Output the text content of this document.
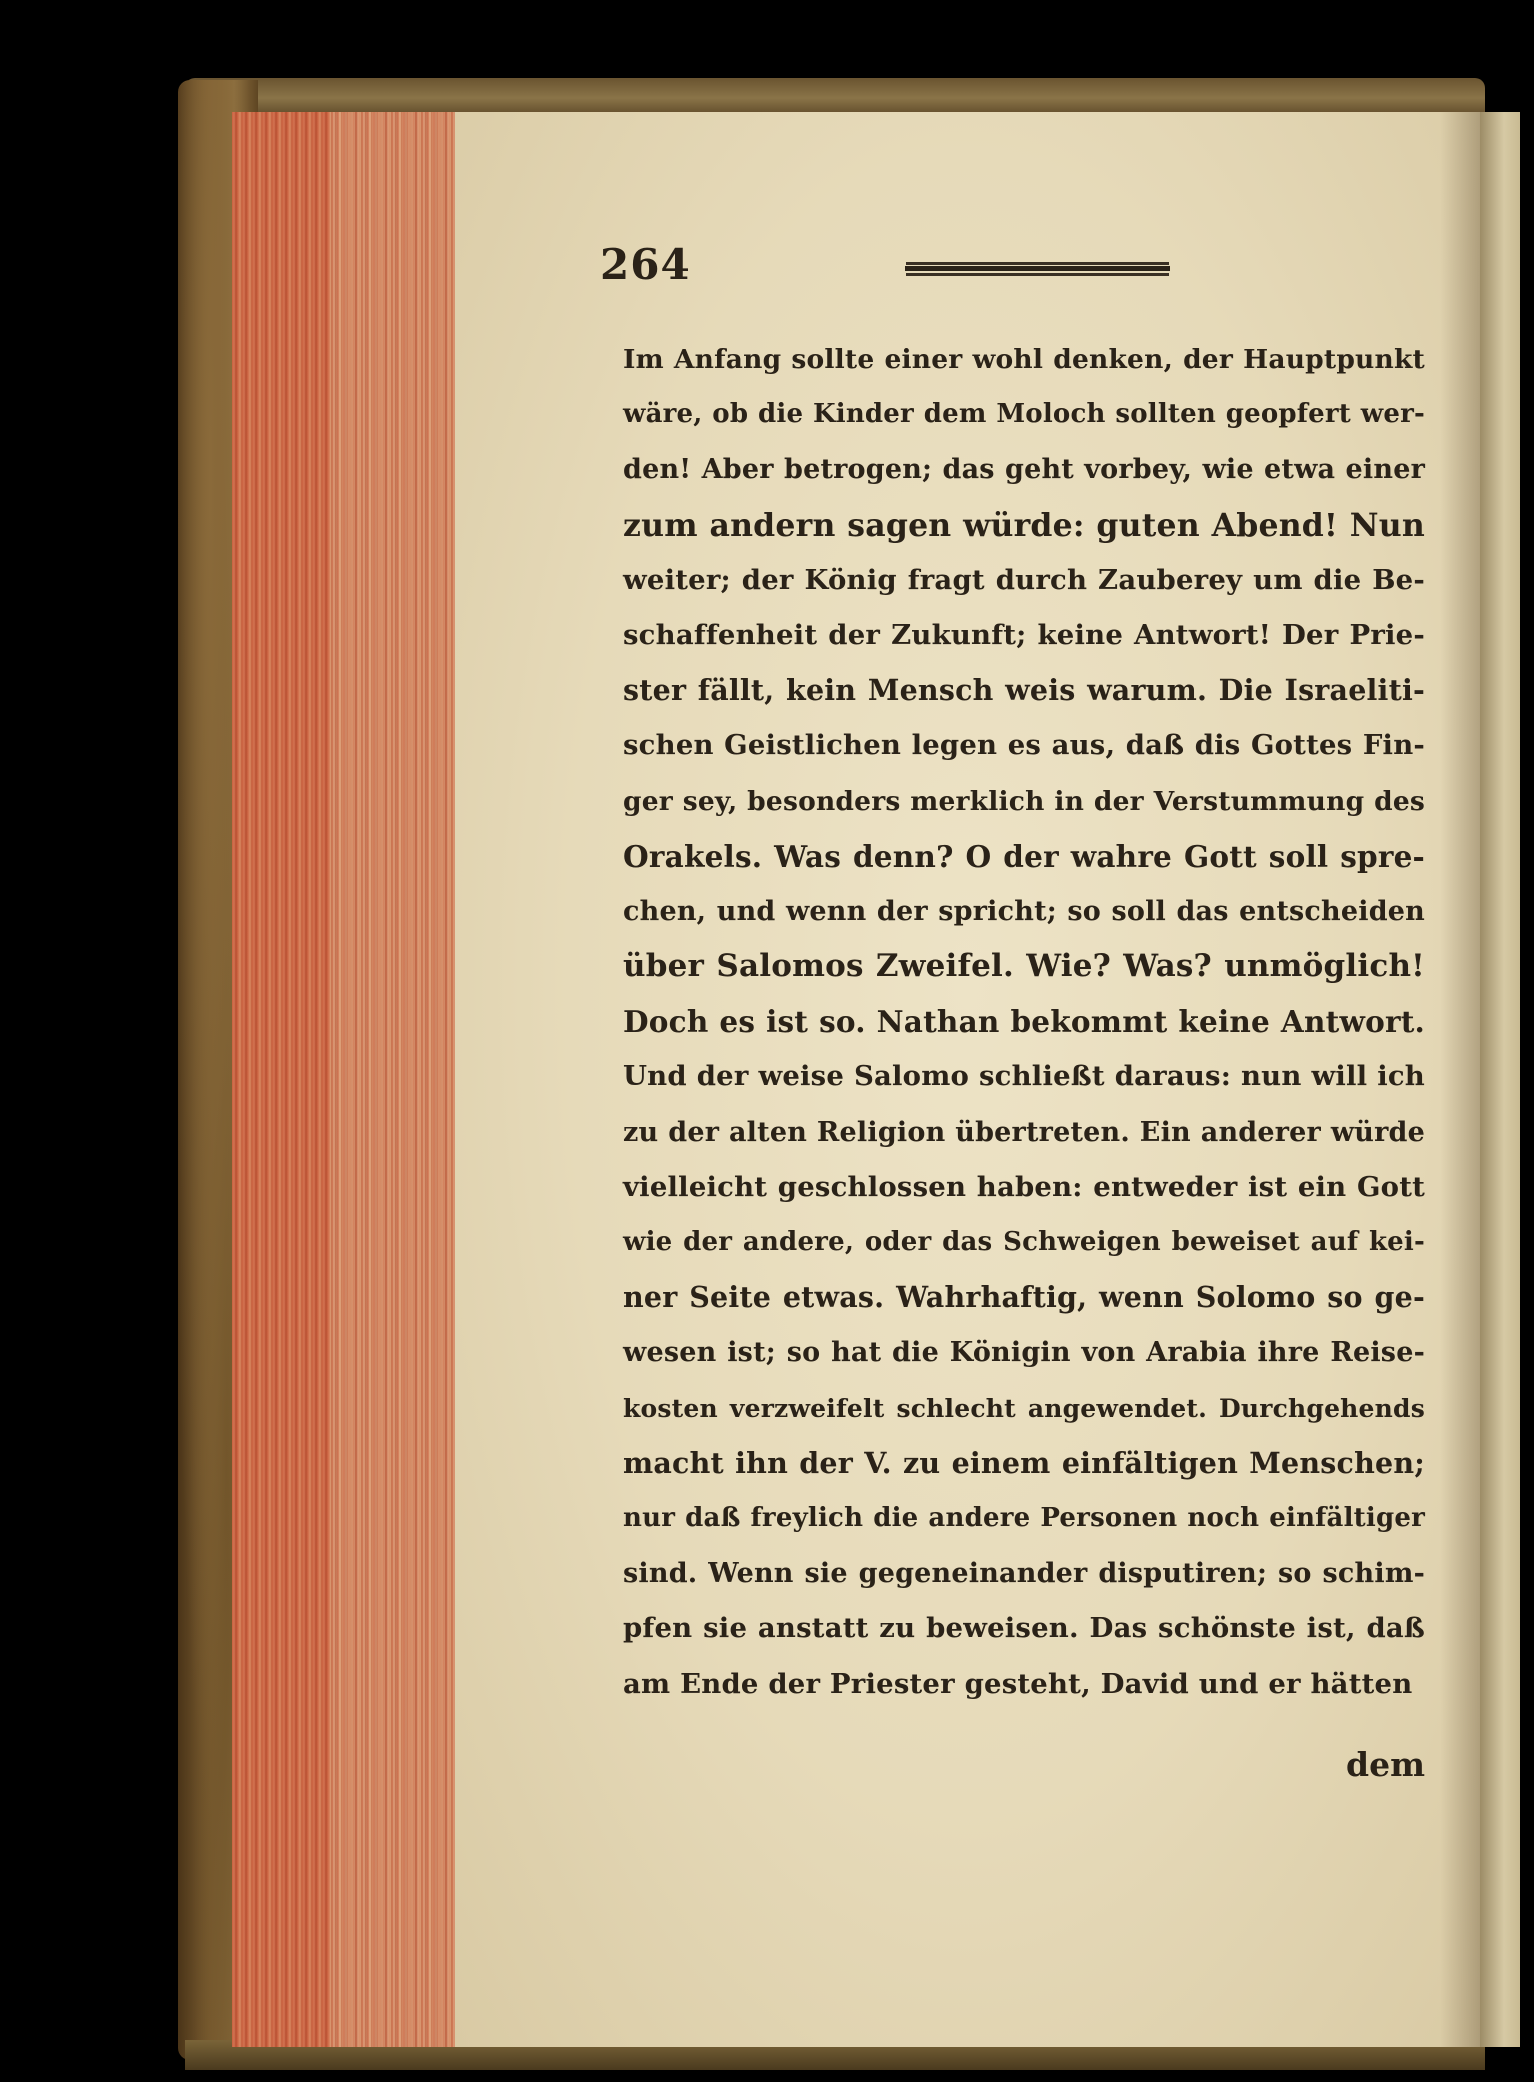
264
Im Anfang sollte einer wohl denken, der Hauptpunkt
wäre, ob die Kinder dem Moloch sollten geopfert wer-
den! Aber betrogen; das geht vorbey, wie etwa einer
zum andern sagen würde: guten Abend! Nun
weiter; der König fragt durch Zauberey um die Be-
schaffenheit der Zukunft; keine Antwort! Der Prie-
ster fällt, kein Mensch weis warum. Die Israeliti-
schen Geistlichen legen es aus, daß dis Gottes Fin-
ger sey, besonders merklich in der Verstummung des
Orakels. Was denn? O der wahre Gott soll spre-
chen, und wenn der spricht; so soll das entscheiden
über Salomos Zweifel. Wie? Was? unmöglich!
Doch es ist so. Nathan bekommt keine Antwort.
Und der weise Salomo schließt daraus: nun will ich
zu der alten Religion übertreten. Ein anderer würde
vielleicht geschlossen haben: entweder ist ein Gott
wie der andere, oder das Schweigen beweiset auf kei-
ner Seite etwas. Wahrhaftig, wenn Solomo so ge-
wesen ist; so hat die Königin von Arabia ihre Reise-
kosten verzweifelt schlecht angewendet. Durchgehends
macht ihn der V. zu einem einfältigen Menschen;
nur daß freylich die andere Personen noch einfältiger
sind. Wenn sie gegeneinander disputiren; so schim-
pfen sie anstatt zu beweisen. Das schönste ist, daß
am Ende der Priester gesteht, David und er hätten
dem
